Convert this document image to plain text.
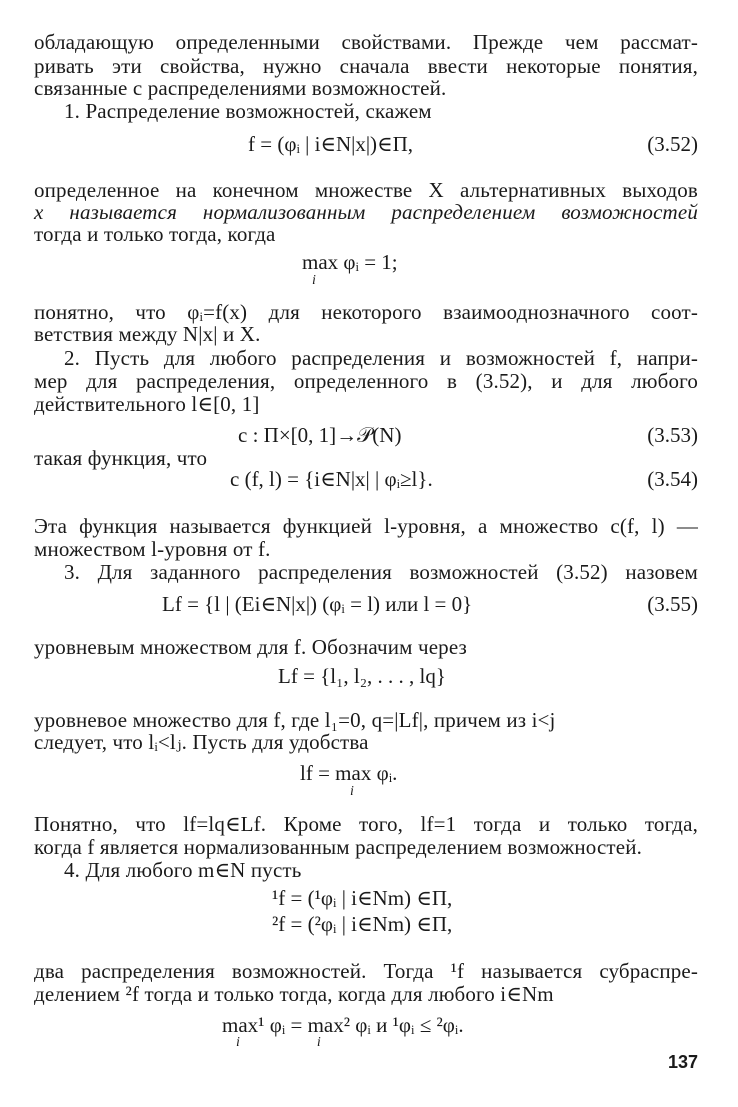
обладающую определенными свойствами. Прежде чем рассмат-
ривать эти свойства, нужно сначала ввести некоторые понятия,
связанные с распределениями возможностей.
1. Распределение возможностей, скажем
f = (φᵢ | i∈N|x|)∈Π,	(3.52)
определенное на конечном множестве X альтернативных выходов
x называется нормализованным распределением возможностей
тогда и только тогда, когда
max φᵢ = 1;
i
понятно, что φᵢ=f(x) для некоторого взаимооднозначного соот-
ветствия между N|x| и X.
2. Пусть для любого распределения и возможностей f, напри-
мер для распределения, определенного в (3.52), и для любого
действительного l∈[0, 1]
c : Π×[0, 1]→𝒫(N)	(3.53)
такая функция, что
c (f, l) = {i∈N|x| | φᵢ≥l}.	(3.54)
Эта функция называется функцией l-уровня, а множество c(f, l) —
множеством l-уровня от f.
3. Для заданного распределения возможностей (3.52) назовем
Lf = {l | (Ei∈N|x|) (φᵢ = l) или l = 0}	(3.55)
уровневым множеством для f. Обозначим через
Lf = {l₁, l₂, . . . , lq}
уровневое множество для f, где l₁=0, q=|Lf|, причем из i<j
следует, что lᵢ<lⱼ. Пусть для удобства
lf = max φᵢ.
i
Понятно, что lf=lq∈Lf. Кроме того, lf=1 тогда и только тогда,
когда f является нормализованным распределением возможностей.
4. Для любого m∈N пусть
¹f = (¹φᵢ | i∈Nm) ∈Π,
²f = (²φᵢ | i∈Nm) ∈Π,
два распределения возможностей. Тогда ¹f называется субраспре-
делением ²f тогда и только тогда, когда для любого i∈Nm
max¹ φᵢ = max² φᵢ и ¹φᵢ ≤ ²φᵢ.
i                      i
137
